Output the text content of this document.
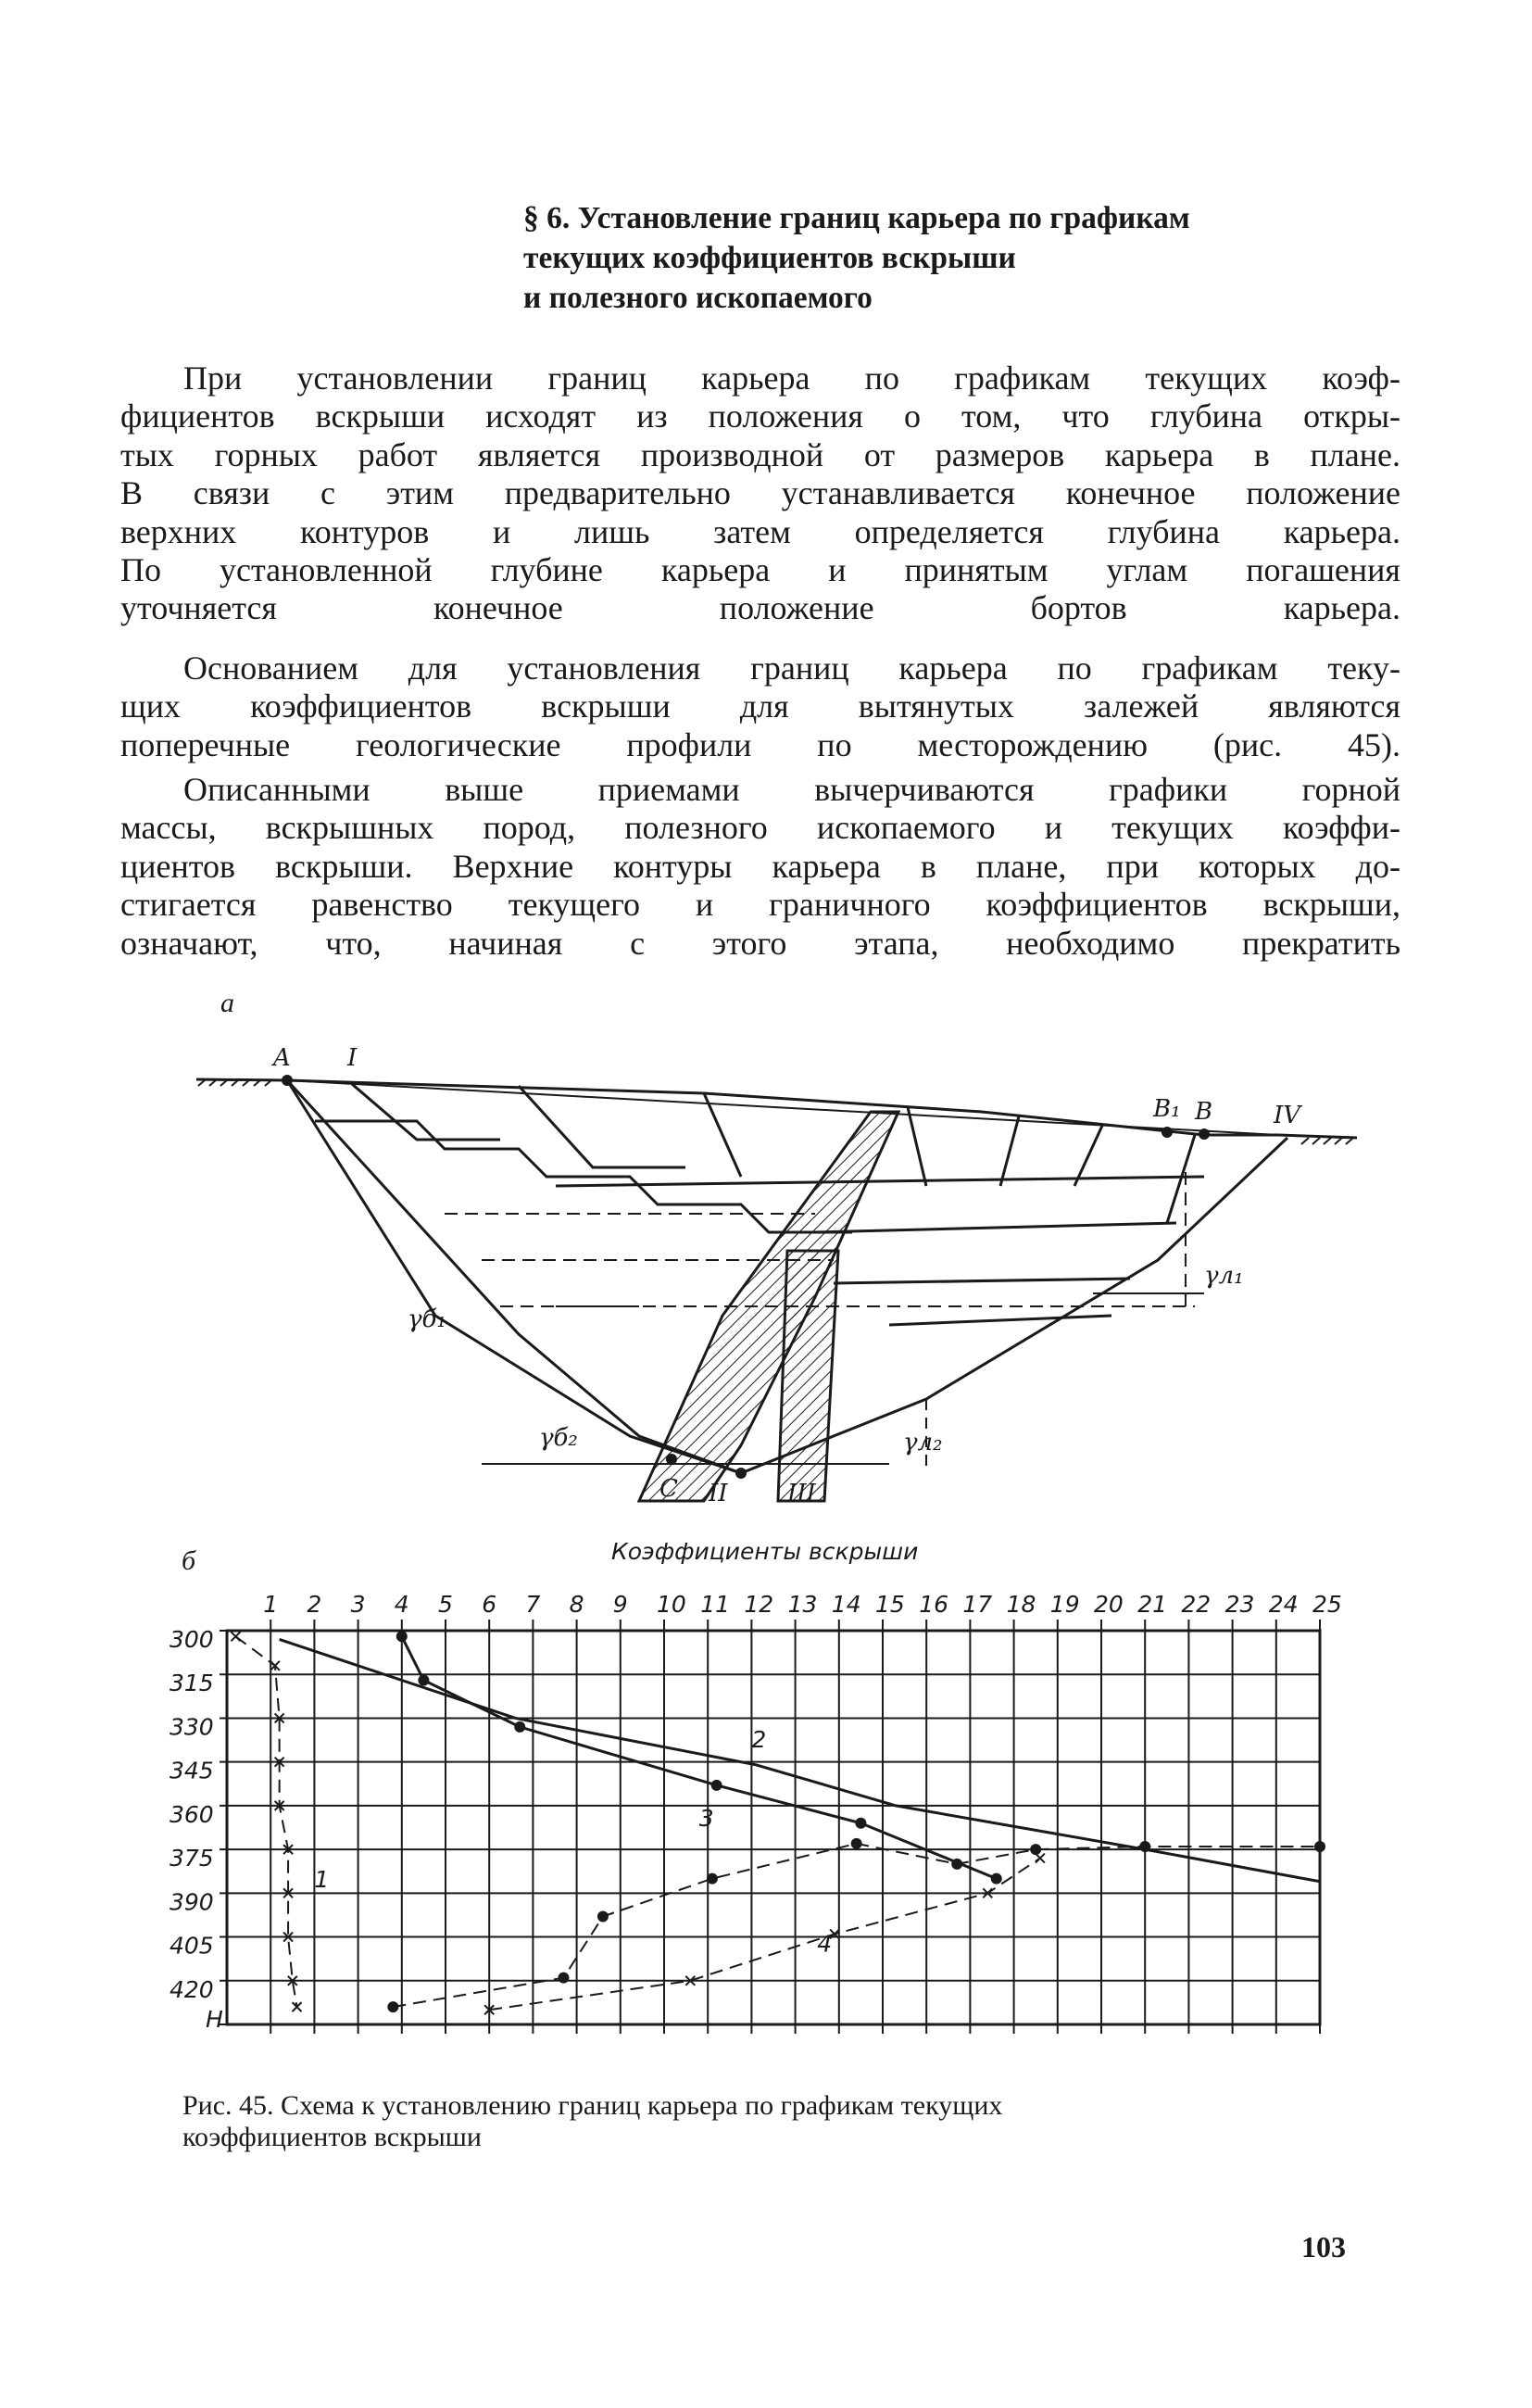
§ 6. Установление границ карьера по графикам
текущих коэффициентов вскрыши
и полезного ископаемого
При установлении границ карьера по графикам текущих коэф-
фициентов вскрыши исходят из положения о том, что глубина откры-
тых горных работ является производной от размеров карьера в плане.
В связи с этим предварительно устанавливается конечное положение
верхних контуров и лишь затем определяется глубина карьера.
По установленной глубине карьера и принятым углам погашения
уточняется конечное положение бортов карьера.
Основанием для установления границ карьера по графикам теку-
щих коэффициентов вскрыши для вытянутых залежей являются
поперечные геологические профили по месторождению (рис. 45).
Описанными выше приемами вычерчиваются графики горной
массы, вскрышных пород, полезного ископаемого и текущих коэффи-
циентов вскрыши. Верхние контуры карьера в плане, при которых до-
стигается равенство текущего и граничного коэффициентов вскрыши,
означают, что, начиная с этого этапа, необходимо прекратить
а
б
A I
B₁ B	IV
C II III
γл₁
γл₂
γб₁
γб₂
Коэффициенты вскрыши
H
1 2 3 4 5 6 7 8 9 10 11 12 13 14 15 16 17 18 19 20 21 22 23 24 25
300
315
330
345
360
375
390
405
420
1
2
3
4
Рис. 45. Схема к установлению границ карьера по графикам текущих
коэффициентов вскрыши
103
